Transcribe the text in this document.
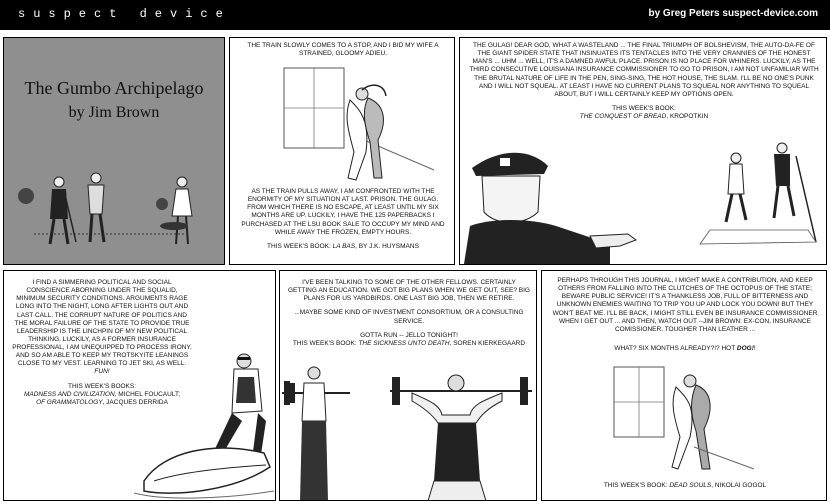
suspect device	by Greg Peters suspect-device.com
The Gumbo Archipelago
by Jim Brown
THE TRAIN SLOWLY COMES TO A STOP, AND I BID MY WIFE A STRAINED, GLOOMY ADIEU.
AS THE TRAIN PULLS AWAY, I AM CONFRONTED WITH THE ENORMITY OF MY SITUATION AT LAST. PRISON. THE GULAG. FROM WHICH THERE IS NO ESCAPE, AT LEAST UNTIL MY SIX MONTHS ARE UP. LUCKILY, I HAVE THE 125 PAPERBACKS I PURCHASED AT THE LSU BOOK SALE TO OCCUPY MY MIND AND WHILE AWAY THE FROZEN, EMPTY HOURS.
THIS WEEK'S BOOK: LA BAS, BY J.K. HUYSMANS
THE GULAG! DEAR GOD, WHAT A WASTELAND ... THE FINAL TRIUMPH OF BOLSHEVISM, THE AUTO-DA-FE OF THE GIANT SPIDER STATE THAT INSINUATES ITS TENTACLES INTO THE VERY CRANNIES OF THE HONEST MAN'S ... UHM ... WELL, IT'S A DAMNED AWFUL PLACE. PRISON IS NO PLACE FOR WHINERS. LUCKILY, AS THE THIRD CONSECUTIVE LOUISIANA INSURANCE COMMISSIONER TO GO TO PRISON, I AM NOT UNFAMILIAR WITH THE BRUTAL NATURE OF LIFE IN THE PEN, SING-SING, THE HOT HOUSE, THE SLAM. I'LL BE NO ONE'S PUNK AND I WILL NOT SQUEAL. AT LEAST I HAVE NO CURRENT PLANS TO SQUEAL NOR ANYTHING TO SQUEAL ABOUT, BUT I WILL CERTAINLY KEEP MY OPTIONS OPEN.
THIS WEEK'S BOOK:
THE CONQUEST OF BREAD, KROPOTKIN
I FIND A SIMMERING POLITICAL AND SOCIAL CONSCIENCE ABORNING UNDER THE SQUALID, MINIMUM SECURITY CONDITIONS. ARGUMENTS RAGE LONG INTO THE NIGHT, LONG AFTER LIGHTS OUT AND LAST CALL. THE CORRUPT NATURE OF POLITICS AND THE MORAL FAILURE OF THE STATE TO PROVIDE TRUE LEADERSHIP IS THE LINCHPIN OF MY NEW POLITICAL THINKING. LUCKILY, AS A FORMER INSURANCE PROFESSIONAL, I AM UNEQUIPPED TO PROCESS IRONY, AND SO AM ABLE TO KEEP MY TROTSKYITE LEANINGS CLOSE TO MY VEST. LEARNING TO JET SKI, AS WELL. FUN!
THIS WEEK'S BOOKS:
MADNESS AND CIVILIZATION, MICHEL FOUCAULT;
OF GRAMMATOLOGY, JACQUES DERRIDA
I'VE BEEN TALKING TO SOME OF THE OTHER FELLOWS. CERTAINLY GETTING AN EDUCATION. WE GOT BIG PLANS WHEN WE GET OUT, SEE? BIG PLANS FOR US YARDBIRDS. ONE LAST BIG JOB, THEN WE RETIRE.
...MAYBE SOME KIND OF INVESTMENT CONSORTIUM, OR A CONSULTING SERVICE.
GOTTA RUN -- JELLO TONIGHT!
THIS WEEK'S BOOK: THE SICKNESS UNTO DEATH, SOREN KIERKEGAARD
PERHAPS THROUGH THIS JOURNAL, I MIGHT MAKE A CONTRIBUTION, AND KEEP OTHERS FROM FALLING INTO THE CLUTCHES OF THE OCTOPUS OF THE STATE; BEWARE PUBLIC SERVICE! IT'S A THANKLESS JOB, FULL OF BITTERNESS AND UNKNOWN ENEMIES WAITING TO TRIP YOU UP AND LOCK YOU DOWN! BUT THEY WON'T BEAT ME. I'LL BE BACK, I MIGHT STILL EVEN BE INSURANCE COMMISSIONER WHEN I GET OUT ... AND THEN, WATCH OUT --JIM BROWN: EX-CON, INSURANCE COMISSIONER. TOUGHER THAN LEATHER ...
WHAT? SIX MONTHS ALREADY?!? HOT DOG!!
THIS WEEK'S BOOK: DEAD SOULS, NIKOLAI GOGOL
